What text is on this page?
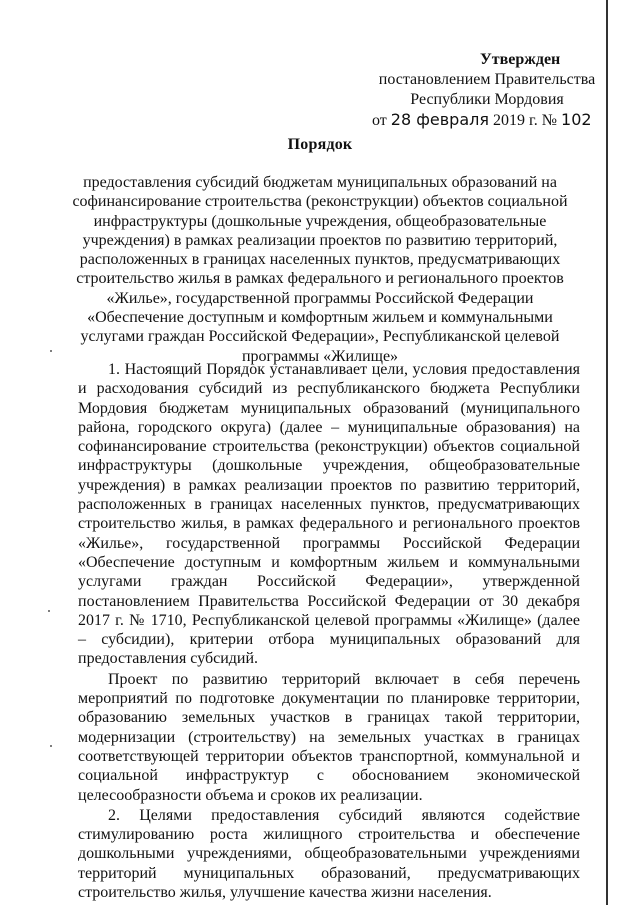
Утвержден
постановлением Правительства
Республики Мордовия
от 28 февраля 2019 г. № 102
Порядок
предоставления субсидий бюджетам муниципальных образований на софинансирование строительства (реконструкции) объектов социальной инфраструктуры (дошкольные учреждения, общеобразовательные учреждения) в рамках реализации проектов по развитию территорий, расположенных в границах населенных пунктов, предусматривающих строительство жилья в рамках федерального и регионального проектов «Жилье», государственной программы Российской Федерации «Обеспечение доступным и комфортным жильем и коммунальными услугами граждан Российской Федерации», Республиканской целевой программы «Жилище»

1. Настоящий Порядок устанавливает цели, условия предоставления и расходования субсидий из республиканского бюджета Республики Мордовия бюджетам муниципальных образований (муниципального района, городского округа) (далее – муниципальные образования) на софинансирование строительства (реконструкции) объектов социальной инфраструктуры (дошкольные учреждения, общеобразовательные учреждения) в рамках реализации проектов по развитию территорий, расположенных в границах населенных пунктов, предусматривающих строительство жилья, в рамках федерального и регионального проектов «Жилье», государственной программы Российской Федерации «Обеспечение доступным и комфортным жильем и коммунальными услугами граждан Российской Федерации», утвержденной постановлением Правительства Российской Федерации от 30 декабря 2017 г. № 1710, Республиканской целевой программы «Жилище» (далее – субсидии), критерии отбора муниципальных образований для предоставления субсидий.

Проект по развитию территорий включает в себя перечень мероприятий по подготовке документации по планировке территории, образованию земельных участков в границах такой территории, модернизации (строительству) на земельных участках в границах соответствующей территории объектов транспортной, коммунальной и социальной инфраструктур с обоснованием экономической целесообразности объема и сроков их реализации.

2. Целями предоставления субсидий являются содействие стимулированию роста жилищного строительства и обеспечение дошкольными учреждениями, общеобразовательными учреждениями территорий муниципальных образований, предусматривающих строительство жилья, улучшение качества жизни населения.
